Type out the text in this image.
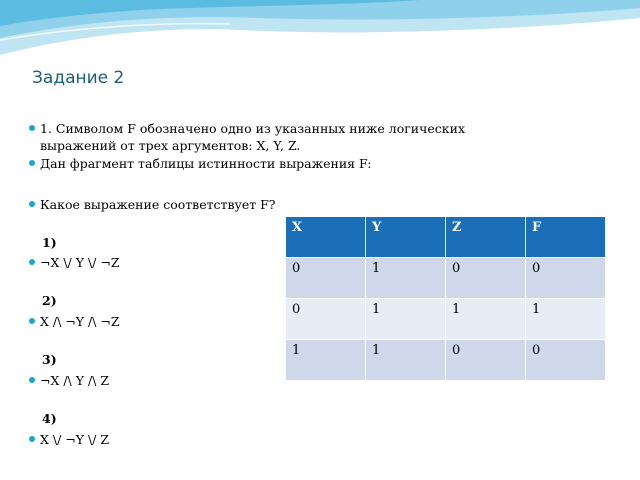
Задание 2
1. Символом F обозначено одно из указанных ниже логических
выражений от трех аргументов: X, Y, Z.
Дан фрагмент таблицы истинности выражения F:
Какое выражение соответствует F?
1)
¬X \/ Y \/ ¬Z
2)
X /\ ¬Y /\ ¬Z
3)
¬X /\ Y /\ Z
4)
X \/ ¬Y \/ Z
X	Y	Z	F
0	1	0	0
0	1	1	1
1	1	0	0
